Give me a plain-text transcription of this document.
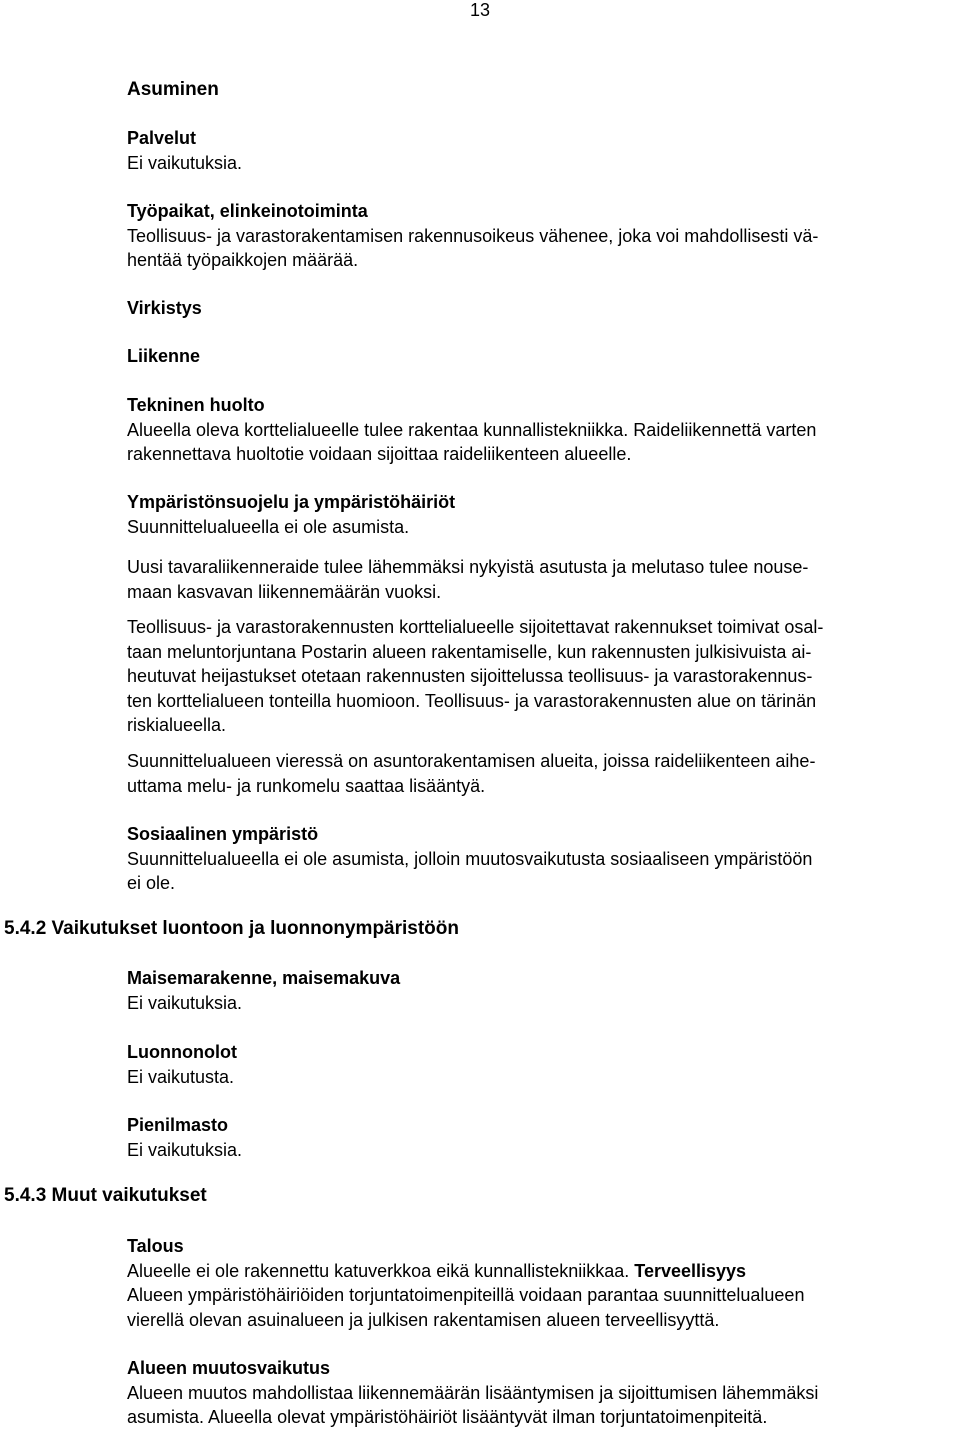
13
Asuminen
Palvelut
Ei vaikutuksia.
Työpaikat, elinkeinotoiminta
Teollisuus- ja varastorakentamisen rakennusoikeus vähenee, joka voi mahdollisesti vä-
hentää työpaikkojen määrää.
Virkistys
Liikenne
Tekninen huolto
Alueella oleva korttelialueelle tulee rakentaa kunnallistekniikka. Raideliikennettä varten
rakennettava huoltotie voidaan sijoittaa raideliikenteen alueelle.
Ympäristönsuojelu ja ympäristöhäiriöt
Suunnittelualueella ei ole asumista.
Uusi tavaraliikenneraide tulee lähemmäksi nykyistä asutusta ja melutaso tulee nouse-
maan kasvavan liikennemäärän vuoksi.
Teollisuus- ja varastorakennusten korttelialueelle sijoitettavat rakennukset toimivat osal-
taan meluntorjuntana Postarin alueen rakentamiselle, kun rakennusten julkisivuista ai-
heutuvat heijastukset otetaan rakennusten sijoittelussa teollisuus- ja varastorakennus-
ten korttelialueen tonteilla huomioon. Teollisuus- ja varastorakennusten alue on tärinän
riskialueella.
Suunnittelualueen vieressä on asuntorakentamisen alueita, joissa raideliikenteen aihe-
uttama melu- ja runkomelu saattaa lisääntyä.
Sosiaalinen ympäristö
Suunnittelualueella ei ole asumista, jolloin muutosvaikutusta sosiaaliseen ympäristöön
ei ole.
5.4.2 Vaikutukset luontoon ja luonnonympäristöön
Maisemarakenne, maisemakuva
Ei vaikutuksia.
Luonnonolot
Ei vaikutusta.
Pienilmasto
Ei vaikutuksia.
5.4.3 Muut vaikutukset
Talous
Alueelle ei ole rakennettu katuverkkoa eikä kunnallistekniikkaa. Terveellisyys
Alueen ympäristöhäiriöiden torjuntatoimenpiteillä voidaan parantaa suunnittelualueen
vierellä olevan asuinalueen ja julkisen rakentamisen alueen terveellisyyttä.
Alueen muutosvaikutus
Alueen muutos mahdollistaa liikennemäärän lisääntymisen ja sijoittumisen lähemmäksi
asumista. Alueella olevat ympäristöhäiriöt lisääntyvät ilman torjuntatoimenpiteitä.
